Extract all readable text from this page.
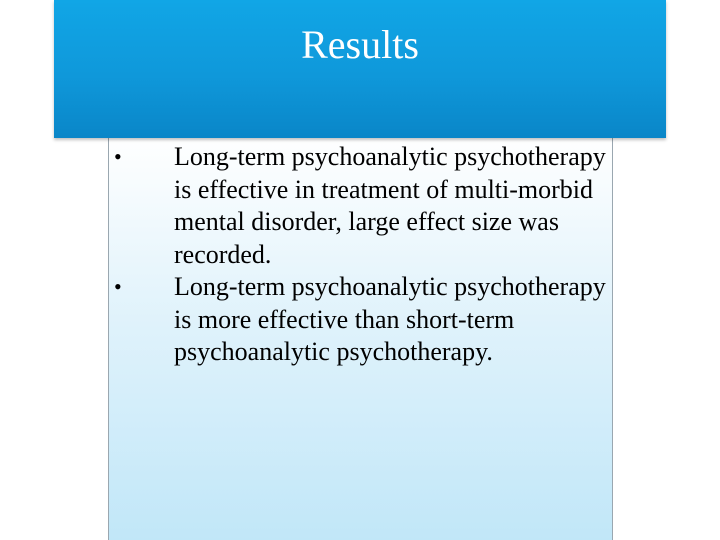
Results
• Long-term psychoanalytic psychotherapy is effective in treatment of multi-morbid mental disorder, large effect size was recorded.
• Long-term psychoanalytic psychotherapy is more effective than short-term psychoanalytic psychotherapy.
